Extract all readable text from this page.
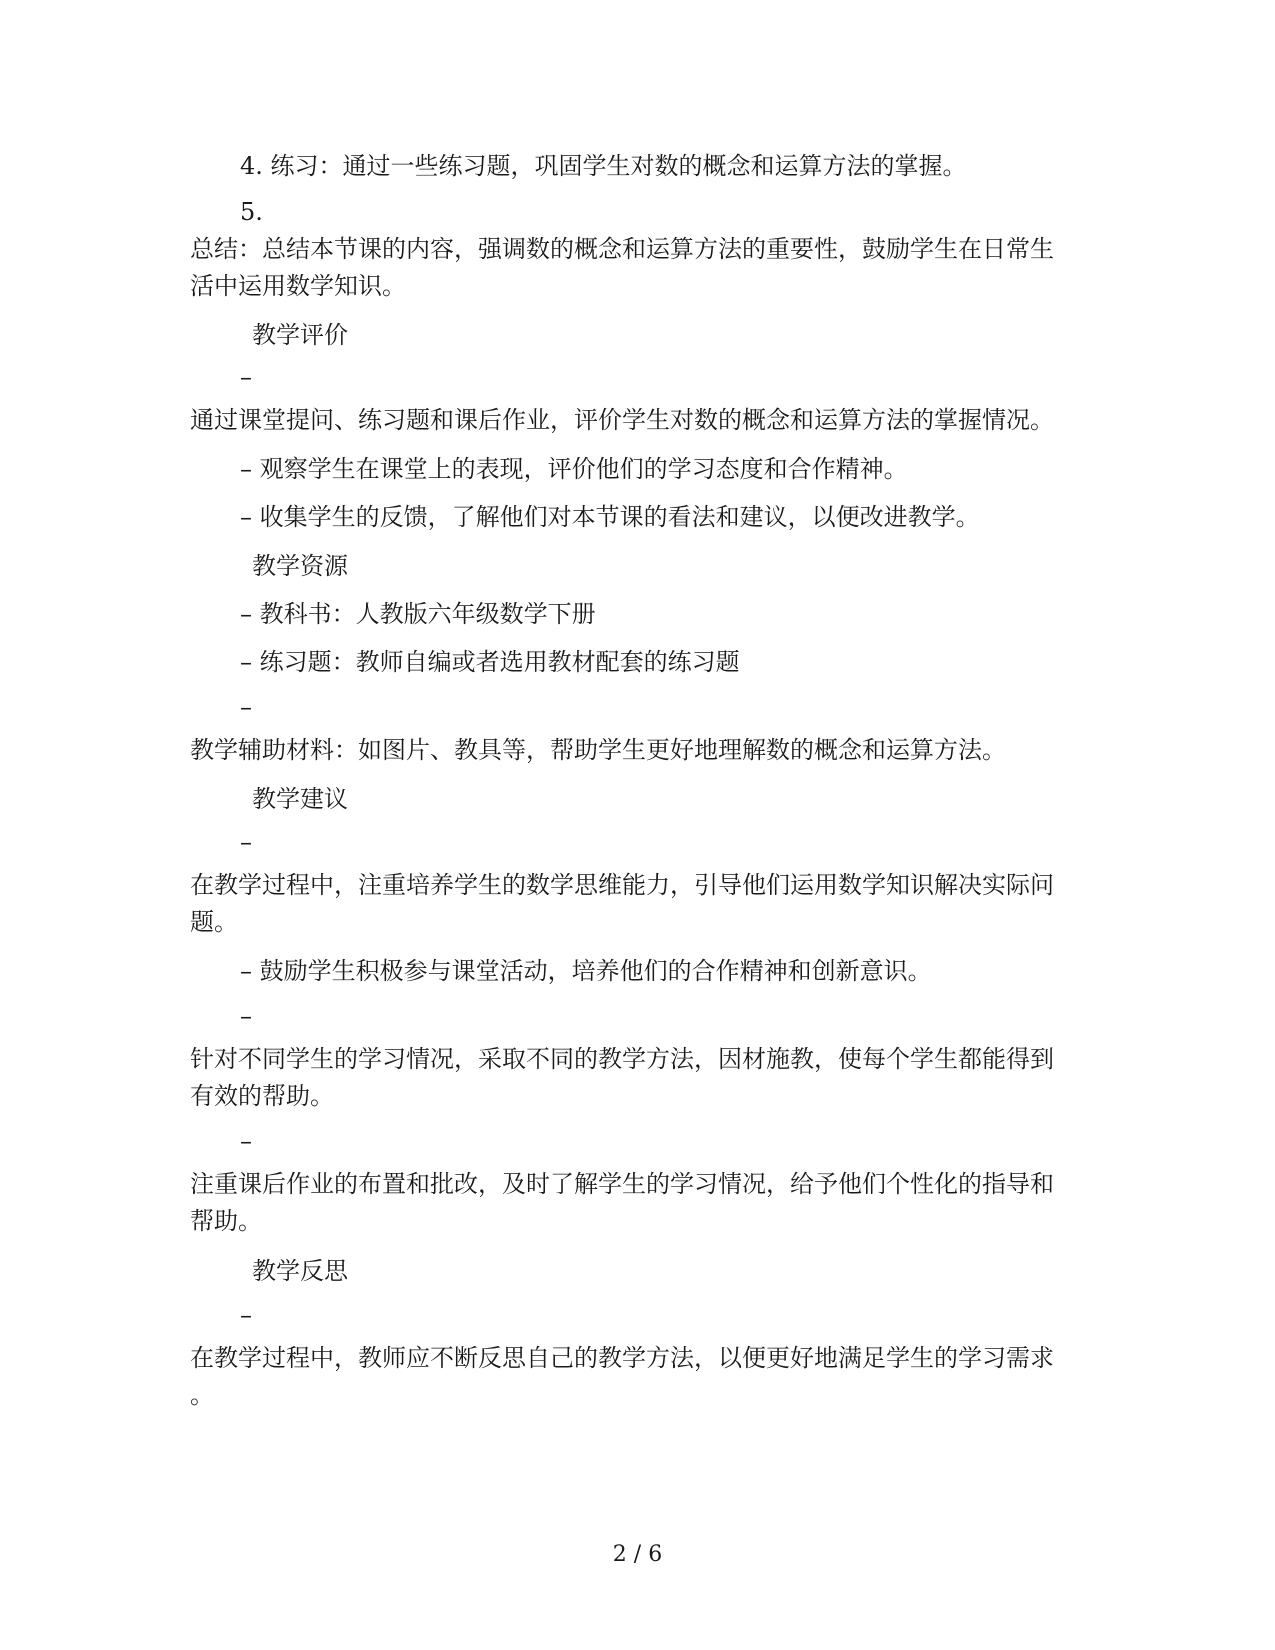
4. 练习：通过一些练习题，巩固学生对数的概念和运算方法的掌握。
5.
总结：总结本节课的内容，强调数的概念和运算方法的重要性，鼓励学生在日常生
活中运用数学知识。
教学评价
–
通过课堂提问、练习题和课后作业，评价学生对数的概念和运算方法的掌握情况。
– 观察学生在课堂上的表现，评价他们的学习态度和合作精神。
– 收集学生的反馈，了解他们对本节课的看法和建议，以便改进教学。
教学资源
– 教科书：人教版六年级数学下册
– 练习题：教师自编或者选用教材配套的练习题
–
教学辅助材料：如图片、教具等，帮助学生更好地理解数的概念和运算方法。
教学建议
–
在教学过程中，注重培养学生的数学思维能力，引导他们运用数学知识解决实际问
题。
– 鼓励学生积极参与课堂活动，培养他们的合作精神和创新意识。
–
针对不同学生的学习情况，采取不同的教学方法，因材施教，使每个学生都能得到
有效的帮助。
–
注重课后作业的布置和批改，及时了解学生的学习情况，给予他们个性化的指导和
帮助。
教学反思
–
在教学过程中，教师应不断反思自己的教学方法，以便更好地满足学生的学习需求
。
2 / 6
